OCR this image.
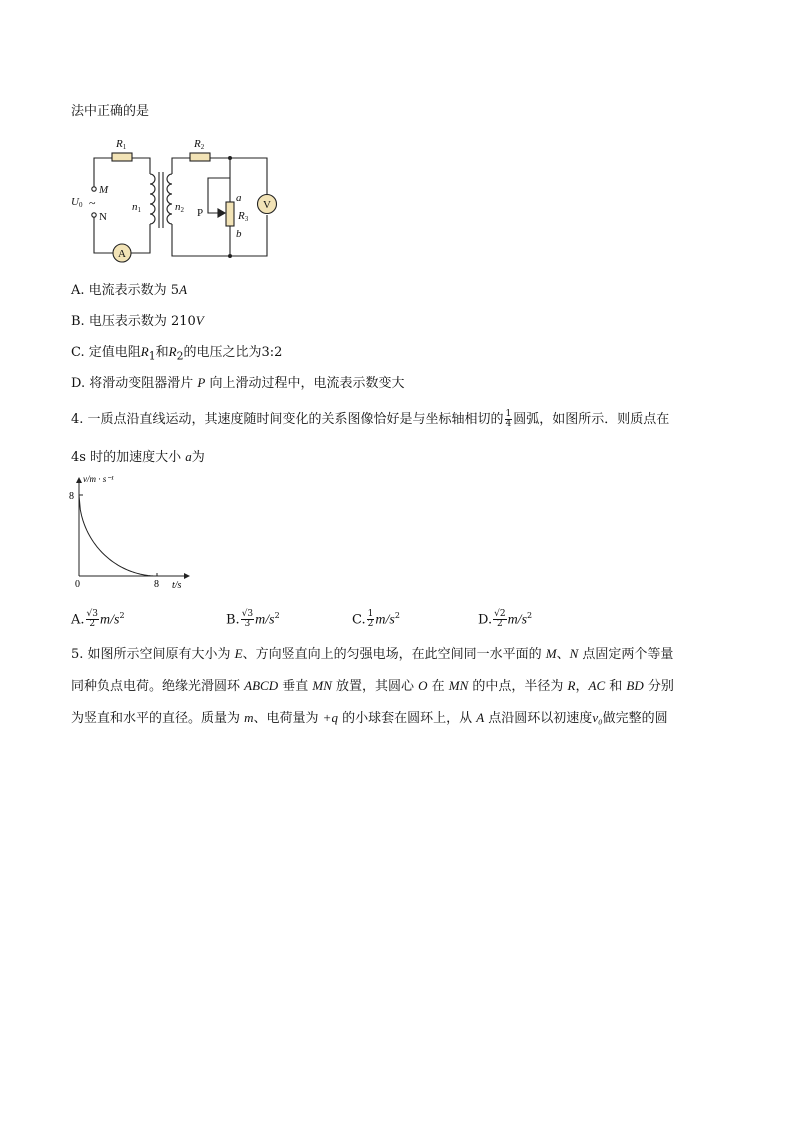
法中正确的是
R1	R2
U0 ~
M
N
n1	n2 P
a
R3
b
A
V
A. 电流表示数为 5A
B. 电压表示数为 210V
C. 定值电阻$R_1$和$R_2$的电压之比为3:2
D. 将滑动变阻器滑片 P 向上滑动过程中，电流表示数变大
4. 一质点沿直线运动，其速度随时间变化的关系图像恰好是与坐标轴相切的 $\frac{1}{4}$ 圆弧，如图所示．则质点在
4s 时的加速度大小 a为
8
8
v/m · s⁻¹
t/s
0
A. $\frac{√3}{2} m/s^2$	B. $\frac{√3}{3} m/s^2$	C. $\frac{1}{2} m/s^2$	D. $\frac{√2}{2} m/s^2$
5. 如图所示空间原有大小为 E、方向竖直向上的匀强电场，在此空间同一水平面的 M、N 点固定两个等量
同种负点电荷。绝缘光滑圆环 ABCD 垂直 MN 放置，其圆心 O 在 MN 的中点，半径为 R，AC 和 BD 分别
为竖直和水平的直径。质量为 m、电荷量为 +q 的小球套在圆环上，从 A 点沿圆环以初速度v₀做完整的圆
